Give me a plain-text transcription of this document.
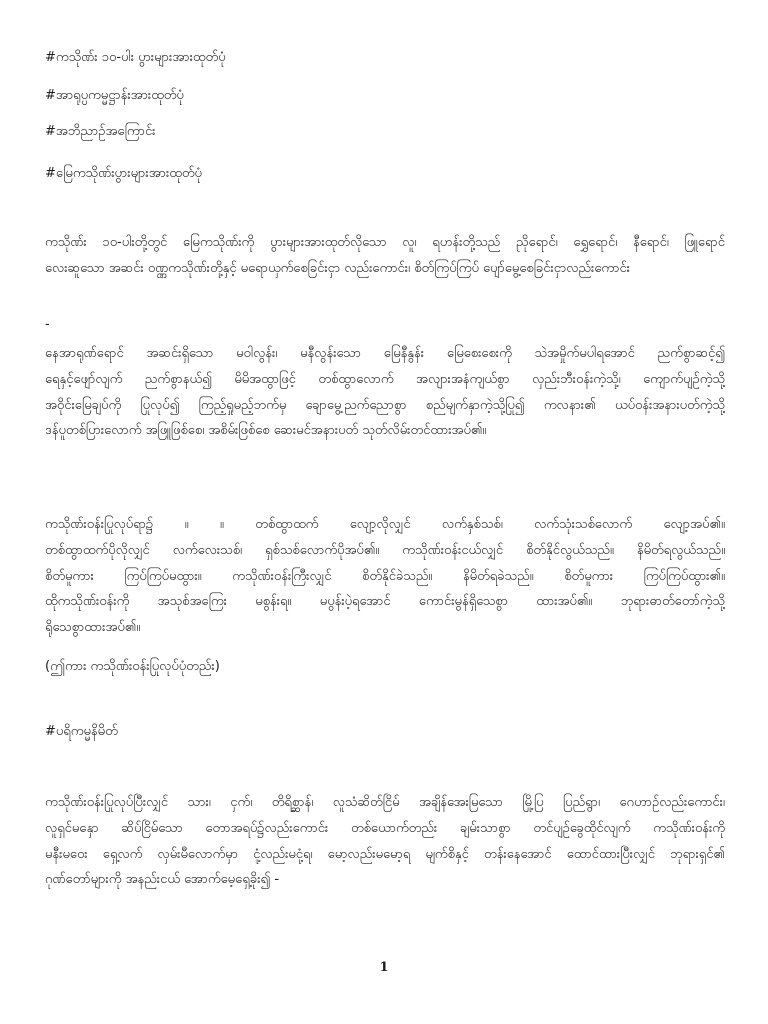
#ကသိုဏ်း ၁၀-ပါး ပွားများအားထုတ်ပုံ
#အာရုပ္ပကမ္မဋ္ဌာန်းအားထုတ်ပုံ
#အဘိညာဉ်အကြောင်း
#မြေကသိုဏ်းပွားများအားထုတ်ပုံ
ကသိုဏ်း ၁၀-ပါးတို့တွင် မြေကသိုဏ်းကို ပွားများအားထုတ်လိုသော လူ၊ ရဟန်းတို့သည် ညိုရောင်၊ ရွှေရောင်၊ နီရောင်၊ ဖြူရောင်
လေးဆူသော အဆင်း ဝဏ္ဏကသိုဏ်းတို့နှင့် မရောယှက်စေခြင်းငှာ လည်းကောင်း၊ စိတ်ကြပ်ကြပ် ပျော်မွေ့စေခြင်းငှာလည်းကောင်း
-
နေအာရုဏ်ရောင် အဆင်းရှိသော မဝါလွန်း၊ မနီလွန်းသော မြေနီနွန်း မြေစေးစေးကို သဲအမှိုက်မပါရအောင် ညက်စွာဆင့်၍
ရေနှင့်ဖျော်လျက် ညက်စွာနယ်၍ မိမိအထွာဖြင့် တစ်ထွာလောက် အလျားအနံကျယ်စွာ လှည်းဘီးဝန်းကဲ့သို့၊ ကျောက်ပျဉ်ကဲ့သို့
အဝိုင်းမြေချပ်ကို ပြုလုပ်၍ ကြည့်ရှုမည့်ဘက်မှ ချောမွေ့ညက်ညောစွာ စည်မျက်နှာကဲ့သို့ပြု၍ ကလနား၏ ယပ်ဝန်းအနားပတ်ကဲ့သို့
ဒန်ပူတစ်ပြားလောက် အဖြူဖြစ်စေ၊ အစိမ်းဖြစ်စေ ဆေးမင်အနားပတ် သုတ်လိမ်းတင်ထားအပ်၏။
ကသိုဏ်းဝန်းပြုလုပ်ရာ၌ ။ ။ တစ်ထွာထက် လျော့လိုလျှင် လက်နှစ်သစ်၊ လက်သုံးသစ်လောက် လျော့အပ်၏။
တစ်ထွာထက်ပိုလိုလျှင် လက်လေးသစ်၊ ရှစ်သစ်လောက်ပိုအပ်၏။ ကသိုဏ်းဝန်းငယ်လျှင် စိတ်နိုင်လွယ်သည်။ နိမိတ်ရလွယ်သည်။
စိတ်မူကား ကြပ်ကြပ်မထွား။ ကသိုဏ်းဝန်းကြီးလျှင် စိတ်နိုင်ခဲသည်။ နိမိတ်ရခဲသည်။ စိတ်မူကား ကြပ်ကြပ်ထွား၏။
ထိုကသိုဏ်းဝန်းကို အသုစ်အကြေး မစွန်းရ။ မပွန်းပဲ့ရအောင် ကောင်းမွန်ရှိသေစွာ ထားအပ်၏။ ဘုရားဓာတ်တော်ကဲ့သို့
ရိုသေစွာထားအပ်၏။
(ဤကား ကသိုဏ်းဝန်းပြုလုပ်ပုံတည်း)
#ပရိကမ္မနိမိတ်
ကသိုဏ်းဝန်းပြုလုပ်ပြီးလျှင် သား၊ ငှက်၊ တိရိစ္ဆာန်၊ လူသံဆိတ်ငြိမ် အချိန်အေးမြသော မြို့ပြ ပြည်ရွာ၊ ဂေဟာဥ်လည်းကောင်း၊
လူရှင်မနှော ဆိပ်ငြိမ်သော တောအရပ်၌လည်းကောင်း တစ်ယောက်တည်း ချမ်းသာစွာ တင်ပျဉ်ခွေထိုင်လျက် ကသိုဏ်းဝန်းကို
မနီးမဝေး ရှေ့လက် လှမ်းမီလောက်မှာ ငုံ့လည်းမငုံ့ရ၊ မော့လည်းမမော့ရ မျက်စိနှင့် တန်းနေအောင် ထောင်ထားပြီးလျှင် ဘုရားရှင်၏
ဂုဏ်တော်များကို အနည်းငယ် အောက်မေ့ရှေ့ခိုး၍ -
1
